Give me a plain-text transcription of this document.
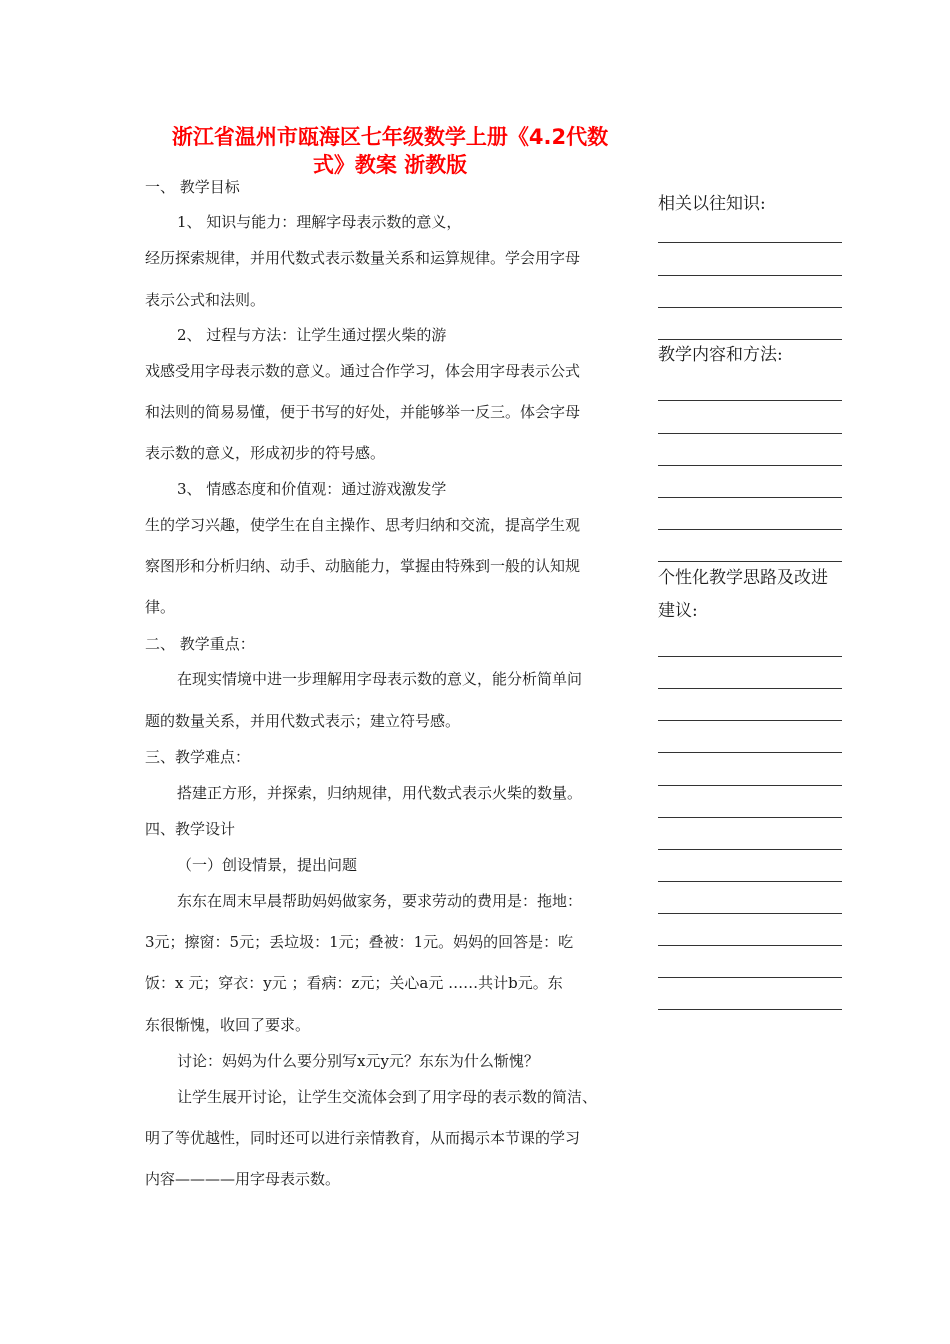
浙江省温州市瓯海区七年级数学上册《4.2代数
式》教案 浙教版
一、 教学目标
1、 知识与能力：理解字母表示数的意义，
经历探索规律，并用代数式表示数量关系和运算规律。学会用字母
表示公式和法则。
2、 过程与方法：让学生通过摆火柴的游
戏感受用字母表示数的意义。通过合作学习，体会用字母表示公式
和法则的简易易懂，便于书写的好处，并能够举一反三。体会字母
表示数的意义，形成初步的符号感。
3、 情感态度和价值观：通过游戏激发学
生的学习兴趣，使学生在自主操作、思考归纳和交流，提高学生观
察图形和分析归纳、动手、动脑能力，掌握由特殊到一般的认知规
律。
二、 教学重点：
在现实情境中进一步理解用字母表示数的意义，能分析简单问
题的数量关系，并用代数式表示；建立符号感。
三、教学难点：
搭建正方形，并探索，归纳规律，用代数式表示火柴的数量。
四、教学设计
（一）创设情景，提出问题
东东在周末早晨帮助妈妈做家务，要求劳动的费用是：拖地：
3元；擦窗：5元；丢垃圾：1元；叠被：1元。妈妈的回答是：吃
饭：x 元；穿衣：y元 ；看病：z元；关心a元 ……共计b元。东
东很惭愧，收回了要求。
讨论：妈妈为什么要分别写x元y元？东东为什么惭愧？
让学生展开讨论，让学生交流体会到了用字母的表示数的简洁、
明了等优越性，同时还可以进行亲情教育，从而揭示本节课的学习
内容————用字母表示数。
相关以往知识:
教学内容和方法:
个性化教学思路及改进
建议:
